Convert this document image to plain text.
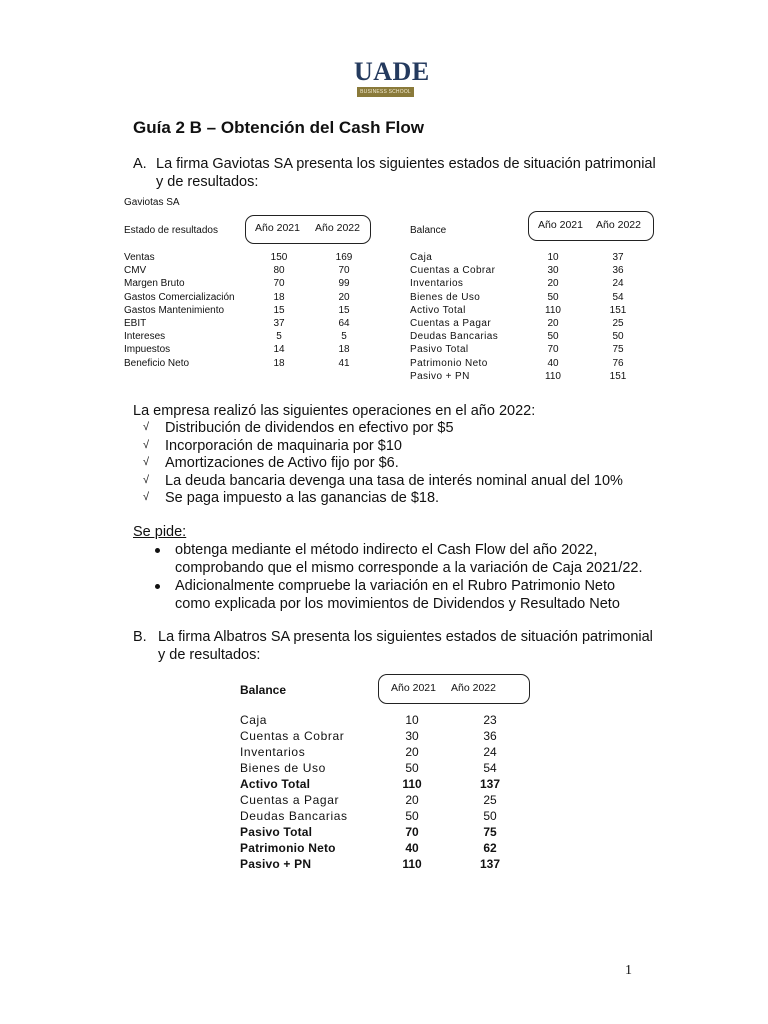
UADE
BUSINESS SCHOOL
Guía 2 B – Obtención del Cash Flow
A. La firma Gaviotas SA presenta los siguientes estados de situación patrimonial
y de resultados:
Gaviotas SA
Estado de resultados	Año 2021 Año 2022	Balance	Año 2021 Año 2022
Ventas	150	169
CMV	80	70
Margen Bruto	70	99
Gastos Comercialización	18	20
Gastos Mantenimiento	15	15
EBIT	37	64
Intereses	5	5
Impuestos	14	18
Beneficio Neto	18	41
Caja	10	37
Cuentas a Cobrar	30	36
Inventarios	20	24
Bienes de Uso	50	54
Activo Total	110	151
Cuentas a Pagar	20	25
Deudas Bancarias	50	50
Pasivo Total	70	75
Patrimonio Neto	40	76
Pasivo + PN	110	151
La empresa realizó las siguientes operaciones en el año 2022:
√ Distribución de dividendos en efectivo por $5
√ Incorporación de maquinaria por $10
√ Amortizaciones de Activo fijo por $6.
√ La deuda bancaria devenga una tasa de interés nominal anual del 10%
√ Se paga impuesto a las ganancias de $18.
Se pide:
obtenga mediante el método indirecto el Cash Flow del año 2022,
comprobando que el mismo corresponde a la variación de Caja 2021/22.
Adicionalmente compruebe la variación en el Rubro Patrimonio Neto
como explicada por los movimientos de Dividendos y Resultado Neto
B. La firma Albatros SA presenta los siguientes estados de situación patrimonial
y de resultados:
Balance	Año 2021 Año 2022
Caja	10	23
Cuentas a Cobrar	30	36
Inventarios	20	24
Bienes de Uso	50	54
Activo Total	110	137
Cuentas a Pagar	20	25
Deudas Bancarias	50	50
Pasivo Total	70	75
Patrimonio Neto	40	62
Pasivo + PN	110	137
1
